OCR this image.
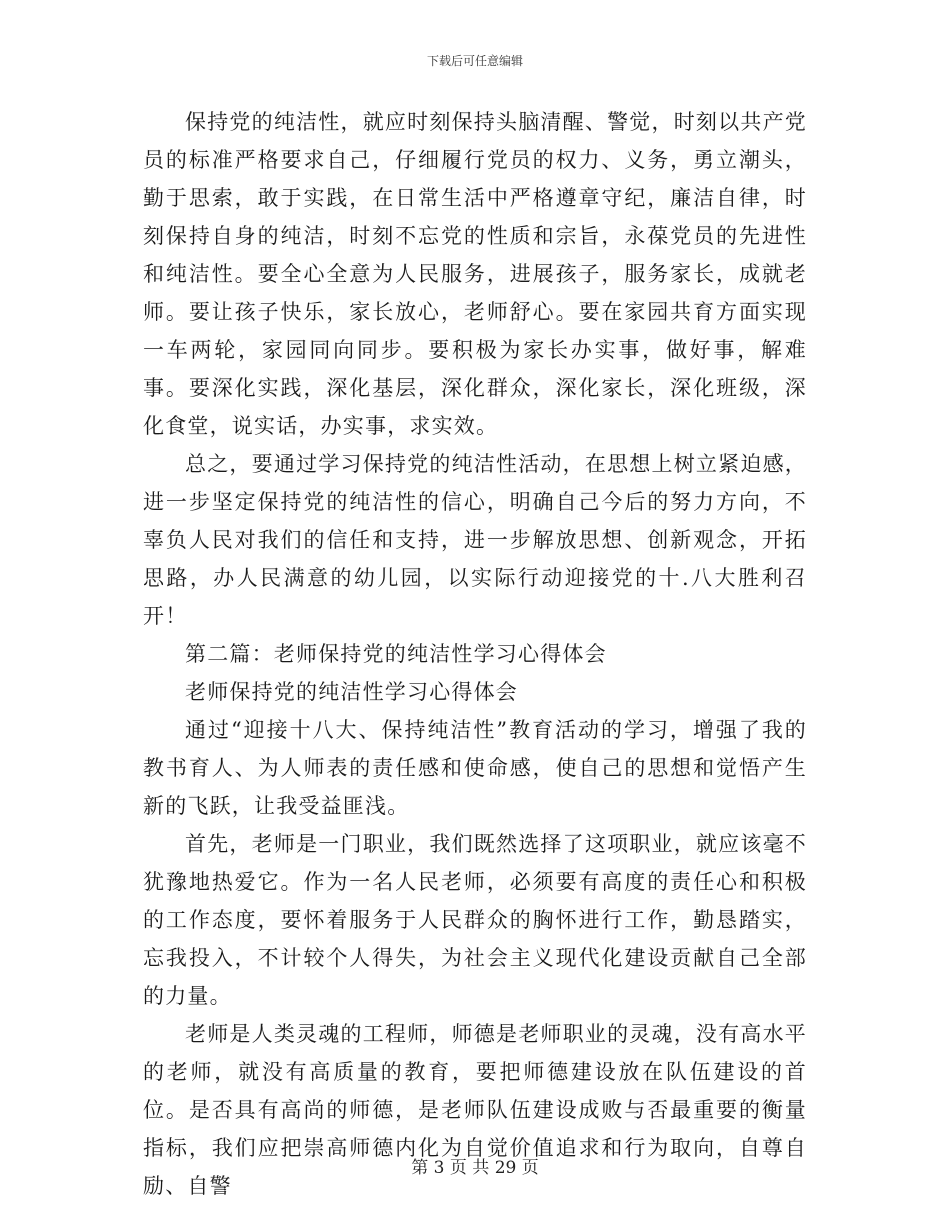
下载后可任意编辑

保持党的纯洁性，就应时刻保持头脑清醒、警觉，时刻以共产党员的标准严格要求自己，仔细履行党员的权力、义务，勇立潮头，勤于思索，敢于实践，在日常生活中严格遵章守纪，廉洁自律，时刻保持自身的纯洁，时刻不忘党的性质和宗旨，永葆党员的先进性和纯洁性。要全心全意为人民服务，进展孩子，服务家长，成就老师。要让孩子快乐，家长放心，老师舒心。要在家园共育方面实现一车两轮，家园同向同步。要积极为家长办实事，做好事，解难事。要深化实践，深化基层，深化群众，深化家长，深化班级，深化食堂，说实话，办实事，求实效。

总之，要通过学习保持党的纯洁性活动，在思想上树立紧迫感，进一步坚定保持党的纯洁性的信心，明确自己今后的努力方向，不辜负人民对我们的信任和支持，进一步解放思想、创新观念，开拓思路，办人民满意的幼儿园，以实际行动迎接党的十.八大胜利召开！

第二篇：老师保持党的纯洁性学习心得体会

老师保持党的纯洁性学习心得体会

通过“迎接十八大、保持纯洁性”教育活动的学习，增强了我的教书育人、为人师表的责任感和使命感，使自己的思想和觉悟产生新的飞跃，让我受益匪浅。

首先，老师是一门职业，我们既然选择了这项职业，就应该毫不犹豫地热爱它。作为一名人民老师，必须要有高度的责任心和积极的工作态度，要怀着服务于人民群众的胸怀进行工作，勤恳踏实，忘我投入，不计较个人得失，为社会主义现代化建设贡献自己全部的力量。

老师是人类灵魂的工程师，师德是老师职业的灵魂，没有高水平的老师，就没有高质量的教育，要把师德建设放在队伍建设的首位。是否具有高尚的师德，是老师队伍建设成败与否最重要的衡量指标，我们应把崇高师德内化为自觉价值追求和行为取向，自尊自励、自警

第 3 页 共 29 页
